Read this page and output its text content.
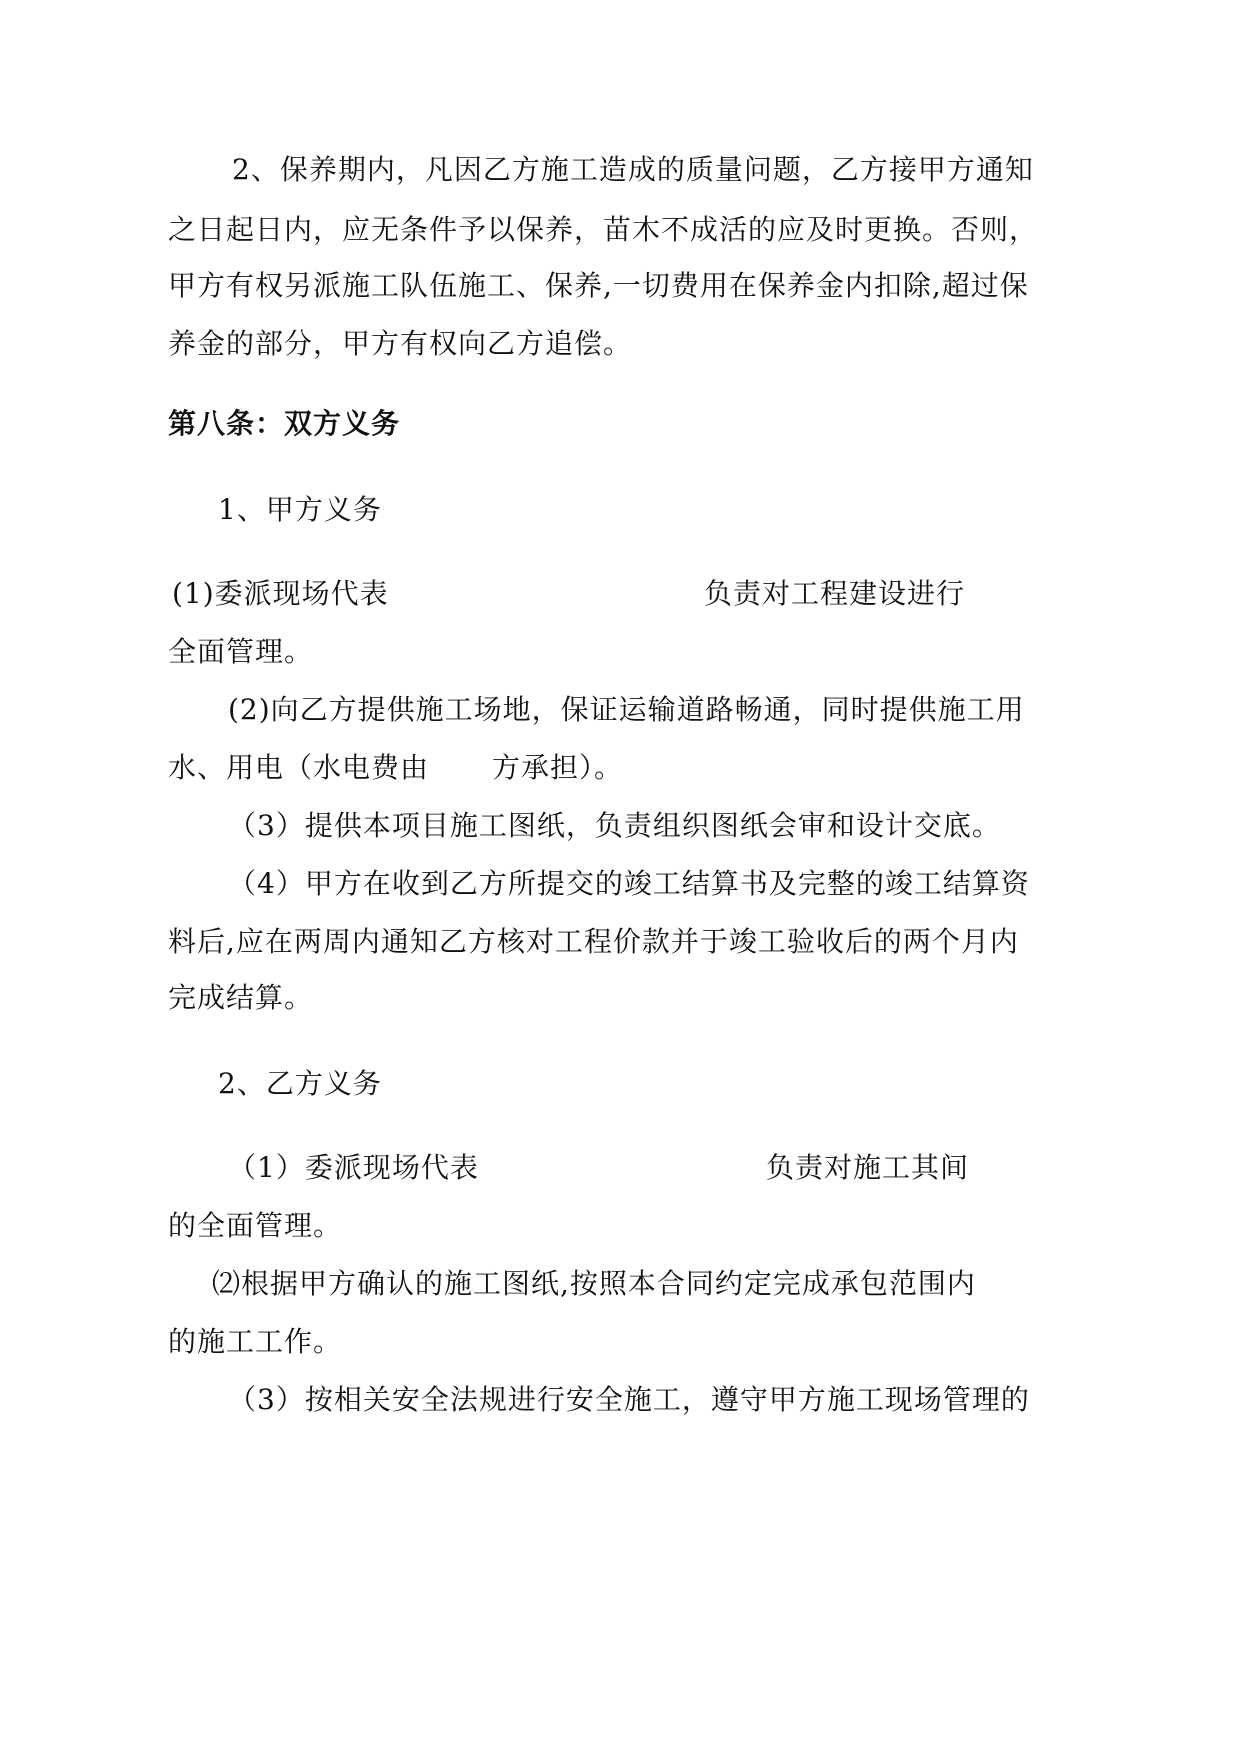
2、保养期内，凡因乙方施工造成的质量问题，乙方接甲方通知
之日起日内，应无条件予以保养，苗木不成活的应及时更换。否则，
甲方有权另派施工队伍施工、保养,一切费用在保养金内扣除,超过保
养金的部分，甲方有权向乙方追偿。
第八条：双方义务
1、甲方义务
(1)委派现场代表	负责对工程建设进行
全面管理。
(2)向乙方提供施工场地，保证运输道路畅通，同时提供施工用
水、用电（水电费由 方承担）。
（3）提供本项目施工图纸，负责组织图纸会审和设计交底。
（4）甲方在收到乙方所提交的竣工结算书及完整的竣工结算资
料后,应在两周内通知乙方核对工程价款并于竣工验收后的两个月内
完成结算。
2、乙方义务
（1）委派现场代表	负责对施工其间
的全面管理。
⑵根据甲方确认的施工图纸,按照本合同约定完成承包范围内
的施工工作。
（3）按相关安全法规进行安全施工，遵守甲方施工现场管理的
